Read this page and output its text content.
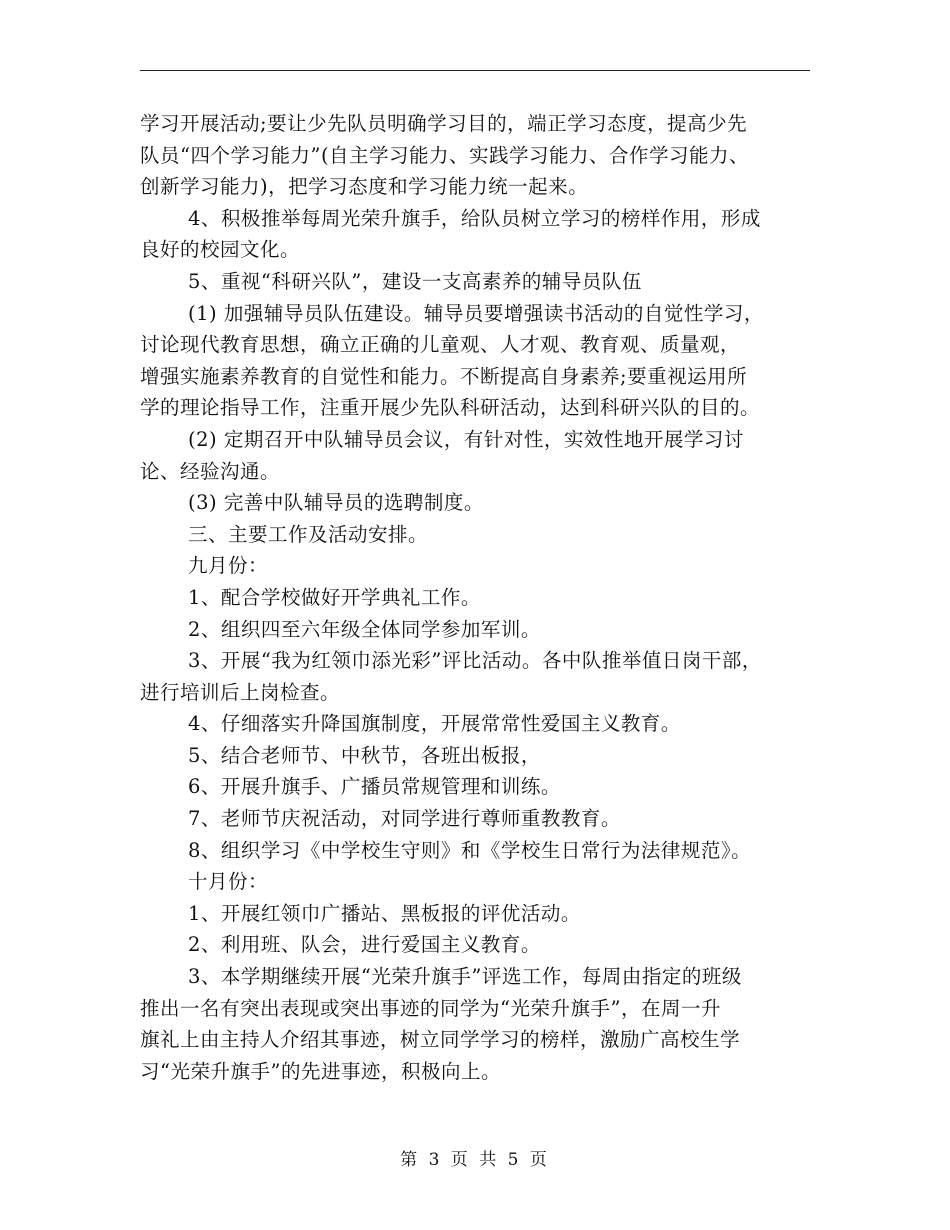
学习开展活动;要让少先队员明确学习目的，端正学习态度，提高少先
队员“四个学习能力”(自主学习能力、实践学习能力、合作学习能力、
创新学习能力)，把学习态度和学习能力统一起来。
4、积极推举每周光荣升旗手，给队员树立学习的榜样作用，形成
良好的校园文化。
5、重视“科研兴队”，建设一支高素养的辅导员队伍
(1) 加强辅导员队伍建设。辅导员要增强读书活动的自觉性学习，
讨论现代教育思想，确立正确的儿童观、人才观、教育观、质量观，
增强实施素养教育的自觉性和能力。不断提高自身素养;要重视运用所
学的理论指导工作，注重开展少先队科研活动，达到科研兴队的目的。
(2) 定期召开中队辅导员会议，有针对性，实效性地开展学习讨
论、经验沟通。
(3) 完善中队辅导员的选聘制度。
三、主要工作及活动安排。
九月份：
1、配合学校做好开学典礼工作。
2、组织四至六年级全体同学参加军训。
3、开展“我为红领巾添光彩”评比活动。各中队推举值日岗干部，
进行培训后上岗检查。
4、仔细落实升降国旗制度，开展常常性爱国主义教育。
5、结合老师节、中秋节，各班出板报，
6、开展升旗手、广播员常规管理和训练。
7、老师节庆祝活动，对同学进行尊师重教教育。
8、组织学习《中学校生守则》和《学校生日常行为法律规范》。
十月份：
1、开展红领巾广播站、黑板报的评优活动。
2、利用班、队会，进行爱国主义教育。
3、本学期继续开展“光荣升旗手”评选工作，每周由指定的班级
推出一名有突出表现或突出事迹的同学为“光荣升旗手”，在周一升
旗礼上由主持人介绍其事迹，树立同学学习的榜样，激励广高校生学
习“光荣升旗手”的先进事迹，积极向上。
第 3 页 共 5 页
